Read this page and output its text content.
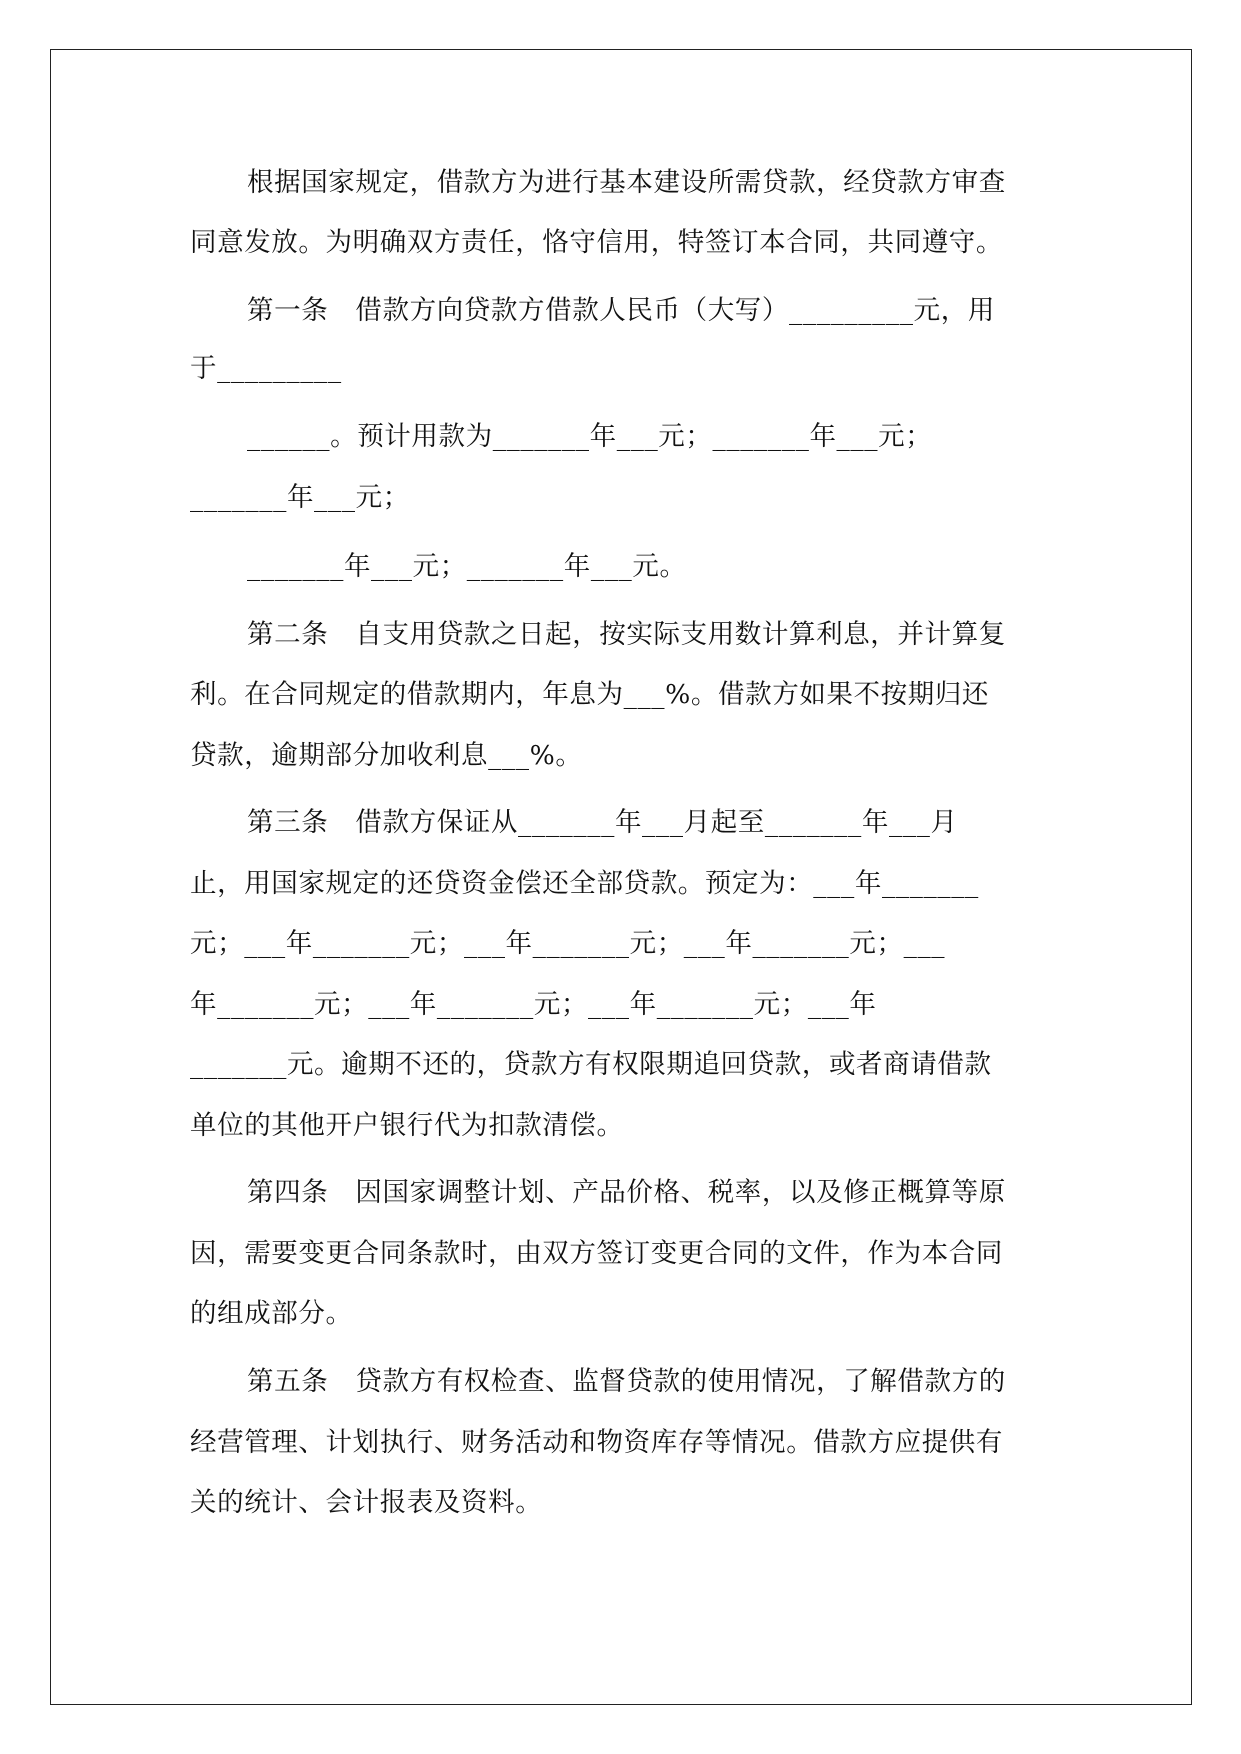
根据国家规定，借款方为进行基本建设所需贷款，经贷款方审查
同意发放。为明确双方责任，恪守信用，特签订本合同，共同遵守。
第一条　借款方向贷款方借款人民币（大写）_________元，用
于_________
______。预计用款为_______年___元；_______年___元；
_______年___元；
_______年___元；_______年___元。
第二条　自支用贷款之日起，按实际支用数计算利息，并计算复
利。在合同规定的借款期内，年息为___%。借款方如果不按期归还
贷款，逾期部分加收利息___%。
第三条　借款方保证从_______年___月起至_______年___月
止，用国家规定的还贷资金偿还全部贷款。预定为：___年_______
元；___年_______元；___年_______元；___年_______元；___
年_______元；___年_______元；___年_______元；___年
_______元。逾期不还的，贷款方有权限期追回贷款，或者商请借款
单位的其他开户银行代为扣款清偿。
第四条　因国家调整计划、产品价格、税率，以及修正概算等原
因，需要变更合同条款时，由双方签订变更合同的文件，作为本合同
的组成部分。
第五条　贷款方有权检查、监督贷款的使用情况，了解借款方的
经营管理、计划执行、财务活动和物资库存等情况。借款方应提供有
关的统计、会计报表及资料。
